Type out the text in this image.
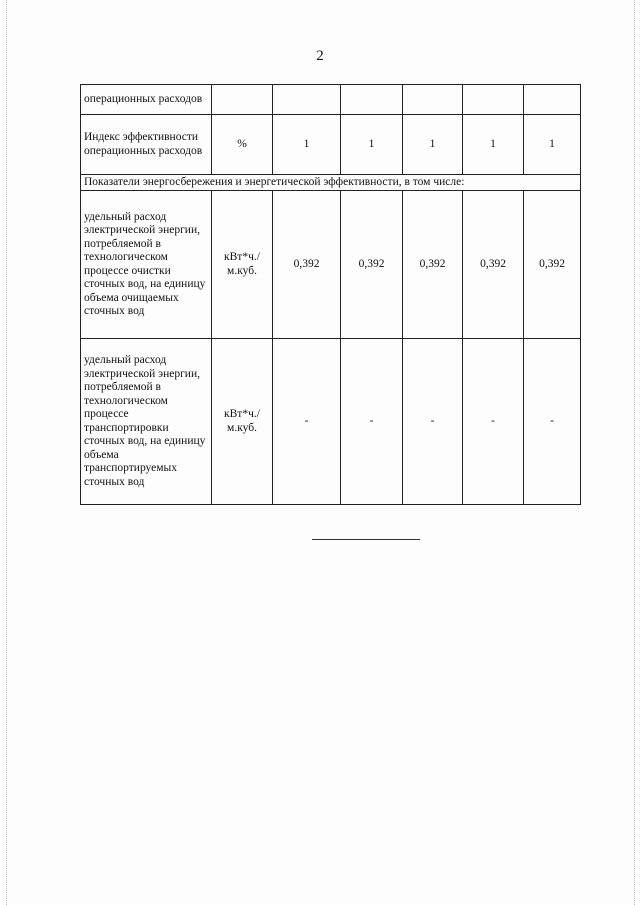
2
операционных расходов						
Индекс эффективности операционных расходов	%	1	1	1	1	1
Показатели энергосбережения и энергетической эффективности, в том числе:						
удельный расход электрической энергии, потребляемой в технологическом процессе очистки сточных вод, на единицу объема очищаемых сточных вод	кВт*ч./м.куб.	0,392	0,392	0,392	0,392	0,392
удельный расход электрической энергии, потребляемой в технологическом процессе транспортировки сточных вод, на единицу объема транспортируемых сточных вод	кВт*ч./м.куб.	-	-	-	-	-
